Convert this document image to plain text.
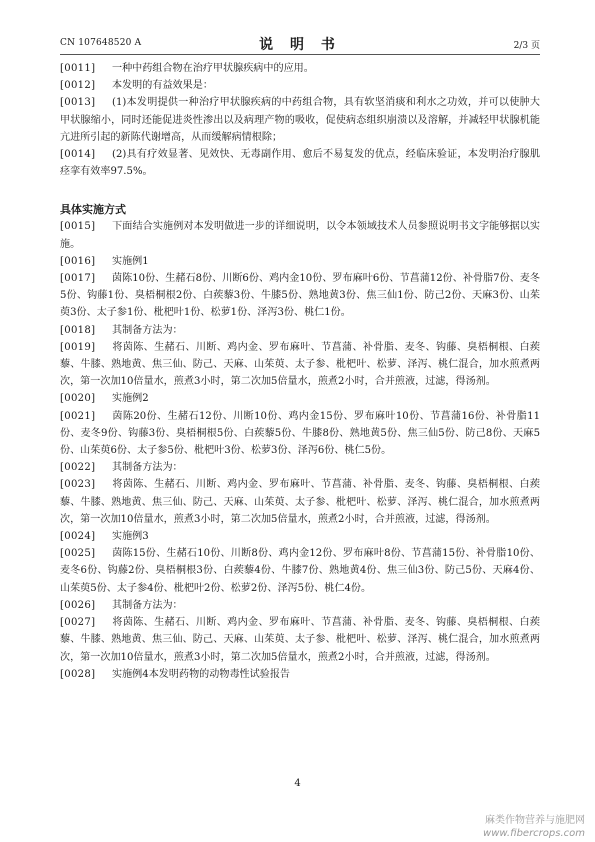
CN 107648520 A	说 明 书	2/3 页

[0011] 一种中药组合物在治疗甲状腺疾病中的应用。

[0012] 本发明的有益效果是：

[0013] (1)本发明提供一种治疗甲状腺疾病的中药组合物，具有软坚消痰和利水之功效，并可以使肿大甲状腺缩小，同时还能促进炎性渗出以及病理产物的吸收，促使病态组织崩溃以及溶解，并减轻甲状腺机能亢进所引起的新陈代谢增高，从而缓解病情根除；

[0014] (2)具有疗效显著、见效快、无毒副作用、愈后不易复发的优点，经临床验证，本发明治疗腺肌痉挛有效率97.5%。

具体实施方式

[0015] 下面结合实施例对本发明做进一步的详细说明，以令本领域技术人员参照说明书文字能够据以实施。

[0016] 实施例1

[0017] 茵陈10份、生赭石8份、川断6份、鸡内金10份、罗布麻叶6份、节菖蒲12份、补骨脂7份、麦冬5份、钩藤1份、臭梧桐根2份、白蒺藜3份、牛膝5份、熟地黄3份、焦三仙1份、防己2份、天麻3份、山茱萸3份、太子参1份、枇杷叶1份、松萝1份、泽泻3份、桃仁1份。

[0018] 其制备方法为：

[0019] 将茵陈、生赭石、川断、鸡内金、罗布麻叶、节菖蒲、补骨脂、麦冬、钩藤、臭梧桐根、白蒺藜、牛膝、熟地黄、焦三仙、防己、天麻、山茱萸、太子参、枇杷叶、松萝、泽泻、桃仁混合，加水煎煮两次，第一次加10倍量水，煎煮3小时，第二次加5倍量水，煎煮2小时，合并煎液，过滤，得汤剂。

[0020] 实施例2

[0021] 茵陈20份、生赭石12份、川断10份、鸡内金15份、罗布麻叶10份、节菖蒲16份、补骨脂11份、麦冬9份、钩藤3份、臭梧桐根5份、白蒺藜5份、牛膝8份、熟地黄5份、焦三仙5份、防己8份、天麻5份、山茱萸6份、太子参5份、枇杷叶3份、松萝3份、泽泻6份、桃仁5份。

[0022] 其制备方法为：

[0023] 将茵陈、生赭石、川断、鸡内金、罗布麻叶、节菖蒲、补骨脂、麦冬、钩藤、臭梧桐根、白蒺藜、牛膝、熟地黄、焦三仙、防己、天麻、山茱萸、太子参、枇杷叶、松萝、泽泻、桃仁混合，加水煎煮两次，第一次加10倍量水，煎煮3小时，第二次加5倍量水，煎煮2小时，合并煎液，过滤，得汤剂。

[0024] 实施例3

[0025] 茵陈15份、生赭石10份、川断8份、鸡内金12份、罗布麻叶8份、节菖蒲15份、补骨脂10份、麦冬6份、钩藤2份、臭梧桐根3份、白蒺藜4份、牛膝7份、熟地黄4份、焦三仙3份、防己5份、天麻4份、山茱萸5份、太子参4份、枇杷叶2份、松萝2份、泽泻5份、桃仁4份。

[0026] 其制备方法为：

[0027] 将茵陈、生赭石、川断、鸡内金、罗布麻叶、节菖蒲、补骨脂、麦冬、钩藤、臭梧桐根、白蒺藜、牛膝、熟地黄、焦三仙、防己、天麻、山茱萸、太子参、枇杷叶、松萝、泽泻、桃仁混合，加水煎煮两次，第一次加10倍量水，煎煮3小时，第二次加5倍量水，煎煮2小时，合并煎液，过滤，得汤剂。

[0028] 实施例4本发明药物的动物毒性试验报告

4
麻类作物营养与施肥网
www.fibercrops.com
